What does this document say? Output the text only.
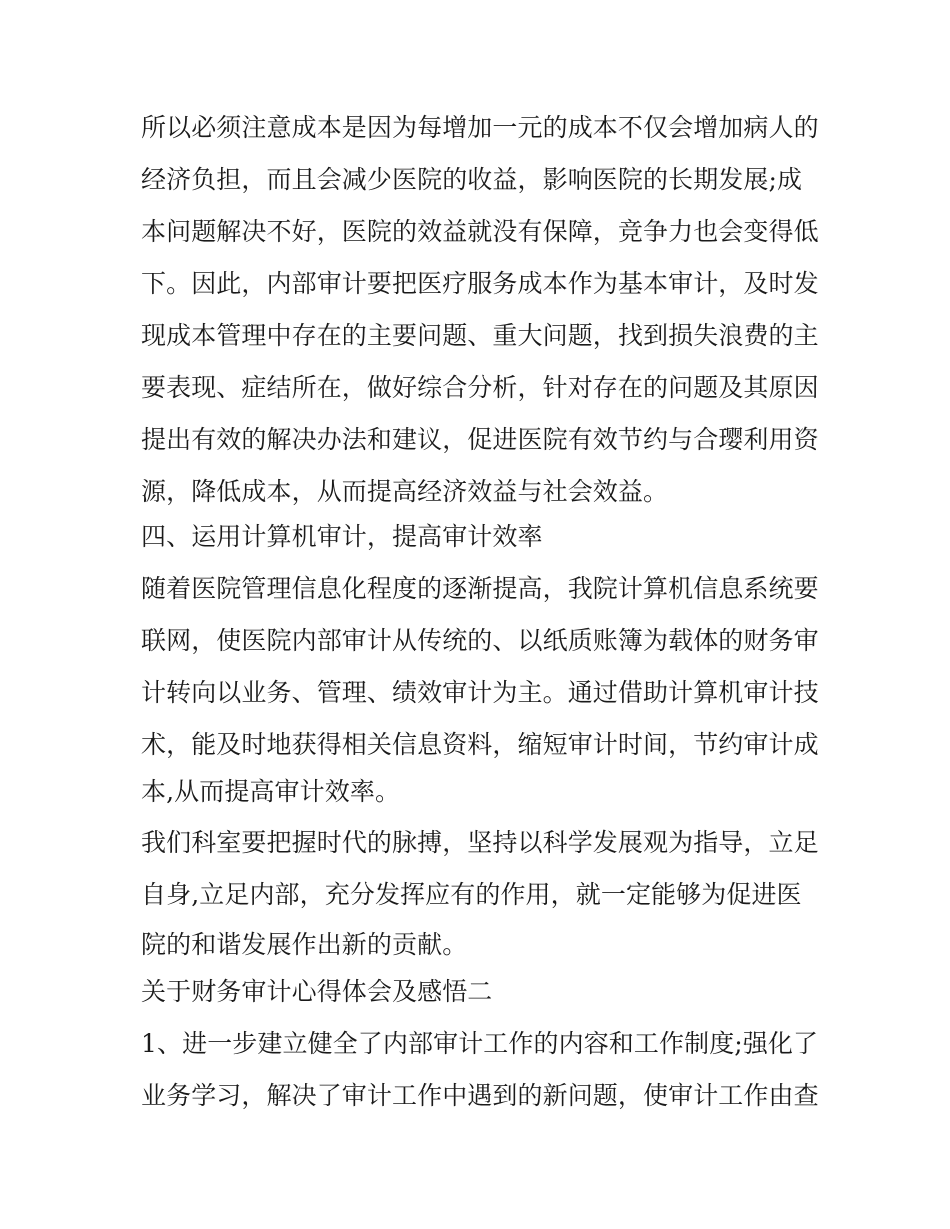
所以必须注意成本是因为每增加一元的成本不仅会增加病人的
经济负担，而且会减少医院的收益，影响医院的长期发展;成
本问题解决不好，医院的效益就没有保障，竞争力也会变得低
下。因此，内部审计要把医疗服务成本作为基本审计，及时发
现成本管理中存在的主要问题、重大问题，找到损失浪费的主
要表现、症结所在，做好综合分析，针对存在的问题及其原因
提出有效的解决办法和建议，促进医院有效节约与合璎利用资
源，降低成本，从而提高经济效益与社会效益。
四、运用计算机审计，提高审计效率
随着医院管理信息化程度的逐渐提高，我院计算机信息系统要
联网，使医院内部审计从传统的、以纸质账簿为载体的财务审
计转向以业务、管理、绩效审计为主。通过借助计算机审计技
术，能及时地获得相关信息资料，缩短审计时间，节约审计成
本,从而提高审计效率。
我们科室要把握时代的脉搏，坚持以科学发展观为指导，立足
自身,立足内部，充分发挥应有的作用，就一定能够为促进医
院的和谐发展作出新的贡献。
关于财务审计心得体会及感悟二
1、进一步建立健全了内部审计工作的内容和工作制度;强化了
业务学习，解决了审计工作中遇到的新问题，使审计工作由查
